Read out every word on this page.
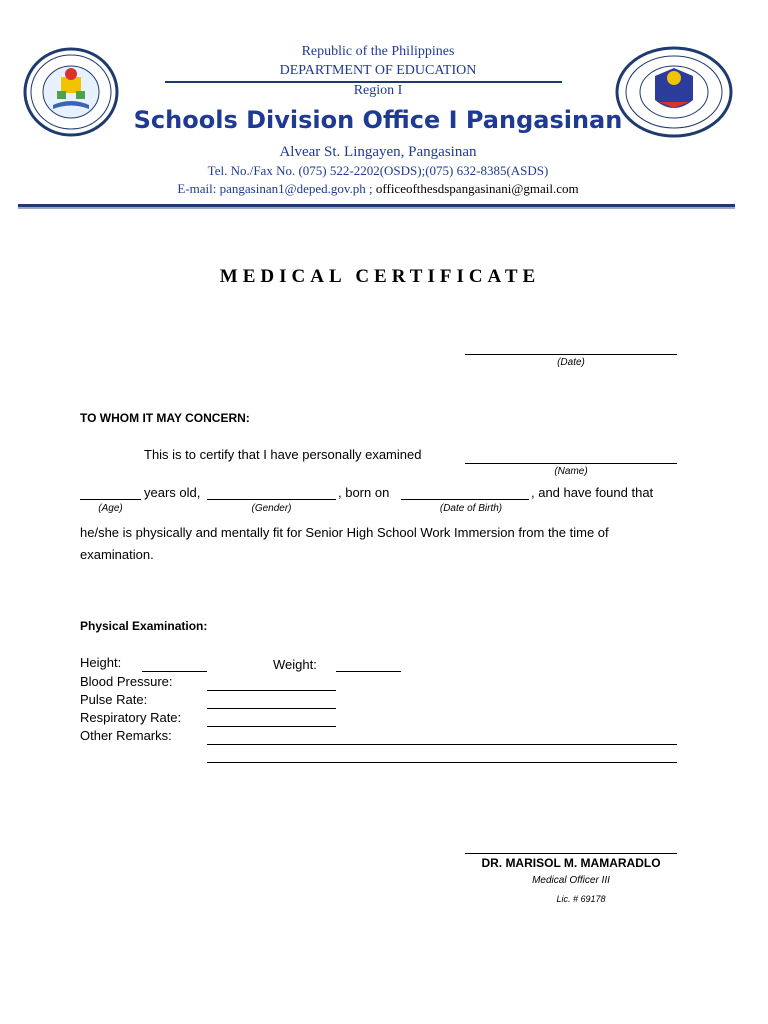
Republic of the Philippines
DEPARTMENT OF EDUCATION
Region I
Schools Division Office I Pangasinan
Alvear St. Lingayen, Pangasinan
Tel. No./Fax No. (075) 522-2202(OSDS);(075) 632-8385(ASDS)
E-mail: pangasinan1@deped.gov.ph ; officeofthesdspangasinani@gmail.com
MEDICAL CERTIFICATE
(Date)
TO WHOM IT MAY CONCERN:
This is to certify that I have personally examined
(Name)
years old,	, born on	, and have found that
(Age)	(Gender)	(Date of Birth)
he/she is physically and mentally fit for Senior High School Work Immersion from the time of
examination.
Physical Examination:
Height:	Weight:
Blood Pressure:
Pulse Rate:
Respiratory Rate:
Other Remarks:
DR. MARISOL M. MAMARADLO
Medical Officer III
Lic. # 69178
